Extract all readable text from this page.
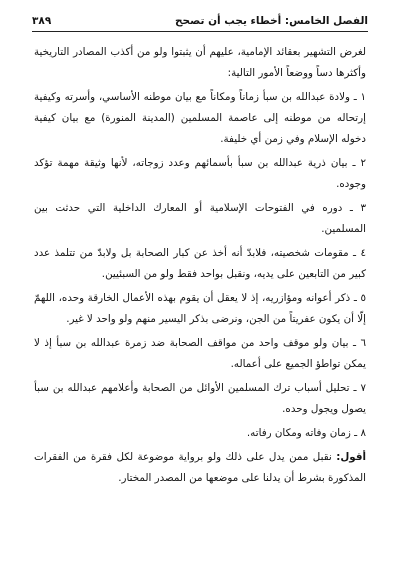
الفصل الخامس: أخطاء يجب أن تصحح
٣٨٩

لغرض التشهير بعقائد الإمامية، عليهم أن يثبتوا ولو من أكذب المصادر التاريخية وأكثرها دساً ووضعاً الأمور التالية:

١ ـ ولادة عبدالله بن سبأ زماناً ومكاناً مع بيان موطنه الأساسي، وأسرته وكيفية إرتحاله من موطنه إلى عاصمة المسلمين (المدينة المنورة) مع بيان كيفية دخوله الإسلام وفي زمن أي خليفة.

٢ ـ بيان ذرية عبدالله بن سبأ بأسمائهم وعدد زوجاته، لأنها وثيقة مهمة تؤكد وجوده.

٣ ـ دوره في الفتوحات الإسلامية أو المعارك الداخلية التي حدثت بين المسلمين.

٤ ـ مقومات شخصيته، فلابدّ أنه أخذ عن كبار الصحابة بل ولابدّ من تتلمذ عدد كبير من التابعين على يديه، ونقبل بواحد فقط ولو من السبئيين.

٥ ـ ذكر أعوانه ومؤازريه، إذ لا يعقل أن يقوم بهذه الأعمال الخارقة وحده، اللهمّ إلّا أن يكون عفريتاً من الجن، ونرضى بذكر اليسير منهم ولو واحد لا غير.

٦ ـ بيان ولو موقف واحد من مواقف الصحابة ضد زمرة عبدالله بن سبأ إذ لا يمكن تواطؤ الجميع على أعماله.

٧ ـ تحليل أسباب ترك المسلمين الأوائل من الصحابة وأعلامهم عبدالله بن سبأ يصول ويجول وحده.

٨ ـ زمان وفاته ومكان رفاته.

أقول: نقبل ممن يدل على ذلك ولو برواية موضوعة لكل فقرة من الفقرات المذكورة بشرط أن يدلنا على موضعها من المصدر المختار.
